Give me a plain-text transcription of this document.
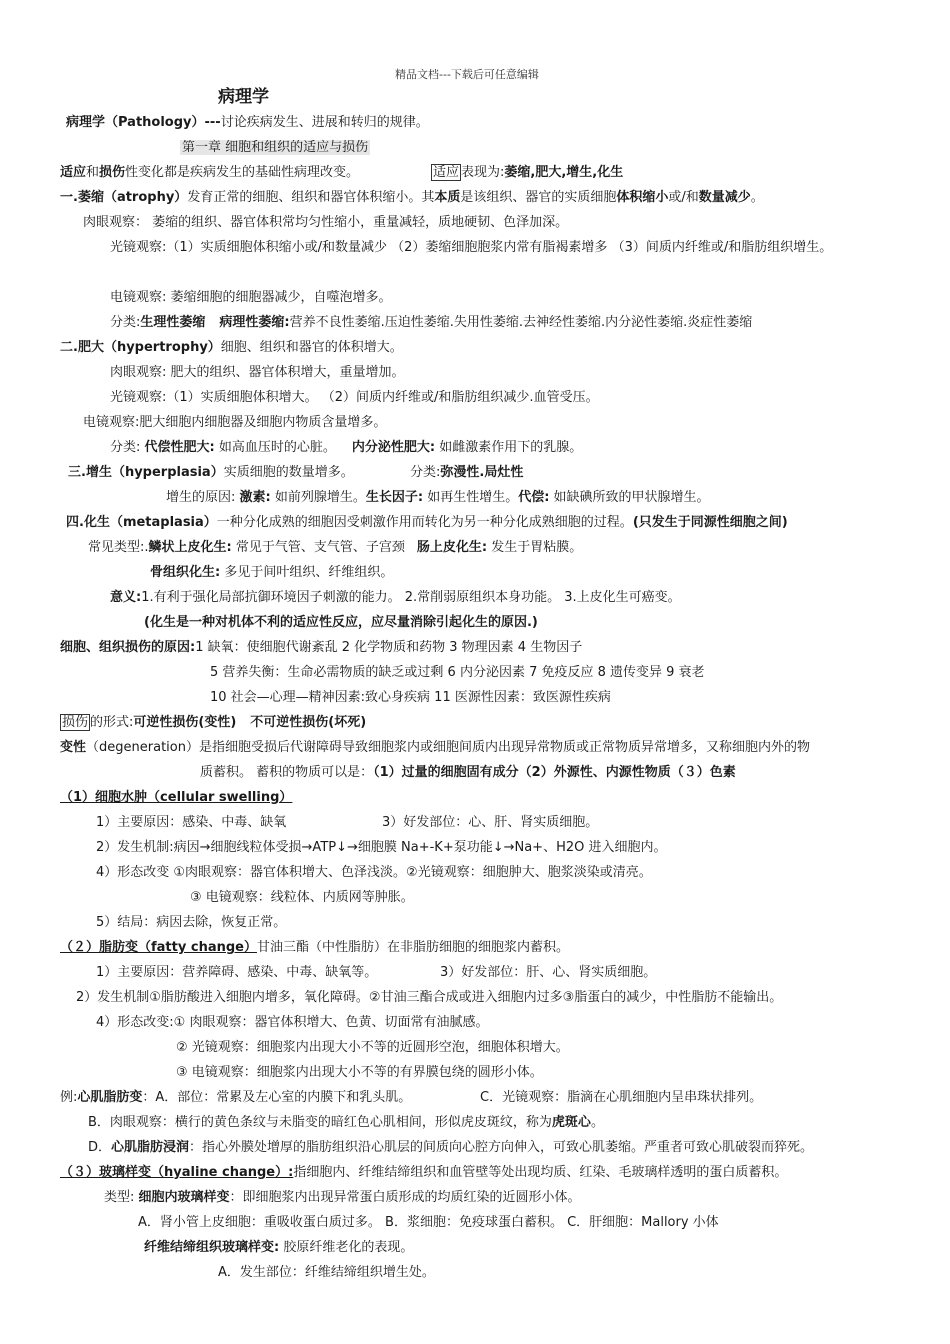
精品文档---下载后可任意编辑
病理学
病理学（Pathology）---讨论疾病发生、进展和转归的规律。
第一章 细胞和组织的适应与损伤
适应和损伤性变化都是疾病发生的基础性病理改变。	适应 表现为:萎缩,肥大,增生,化生
一.萎缩（atrophy）发育正常的细胞、组织和器官体积缩小。其本质是该组织、器官的实质细胞体积缩小或/和数量减少。
肉眼观察： 萎缩的组织、器官体积常均匀性缩小，重量减轻，质地硬韧、色泽加深。
光镜观察:（1）实质细胞体积缩小或/和数量减少 （2）萎缩细胞胞浆内常有脂褐素增多 （3）间质内纤维或/和脂肪组织增生。
电镜观察: 萎缩细胞的细胞器减少，自噬泡增多。
分类:生理性萎缩 病理性萎缩:营养不良性萎缩.压迫性萎缩.失用性萎缩.去神经性萎缩.内分泌性萎缩.炎症性萎缩
二.肥大（hypertrophy）细胞、组织和器官的体积增大。
肉眼观察: 肥大的组织、器官体积增大，重量增加。
光镜观察:（1）实质细胞体积增大。 （2）间质内纤维或/和脂肪组织减少.血管受压。
电镜观察:肥大细胞内细胞器及细胞内物质含量增多。
分类: 代偿性肥大: 如高血压时的心脏。 内分泌性肥大: 如雌激素作用下的乳腺。
三.增生（hyperplasia）实质细胞的数量增多。	分类:弥漫性.局灶性
增生的原因: 激素: 如前列腺增生。生长因子: 如再生性增生。代偿: 如缺碘所致的甲状腺增生。
四.化生（metaplasia）一种分化成熟的细胞因受刺激作用而转化为另一种分化成熟细胞的过程。(只发生于同源性细胞之间)
常见类型:.鳞状上皮化生: 常见于气管、支气管、子宫颈 肠上皮化生: 发生于胃粘膜。
骨组织化生: 多见于间叶组织、纤维组织。
意义:1.有利于强化局部抗御环境因子刺激的能力。 2.常削弱原组织本身功能。 3.上皮化生可癌变。
(化生是一种对机体不利的适应性反应，应尽量消除引起化生的原因.)
细胞、组织损伤的原因:1 缺氧：使细胞代谢紊乱 2 化学物质和药物 3 物理因素 4 生物因子
5 营养失衡：生命必需物质的缺乏或过剩 6 内分泌因素 7 免疫反应 8 遗传变异 9 衰老
10 社会—心理—精神因素:致心身疾病 11 医源性因素：致医源性疾病
损伤 的形式:可逆性损伤(变性) 不可逆性损伤(坏死)
变性（degeneration）是指细胞受损后代谢障碍导致细胞浆内或细胞间质内出现异常物质或正常物质异常增多，又称细胞内外的物
质蓄积。 蓄积的物质可以是：（1）过量的细胞固有成分（2）外源性、内源性物质（３）色素
（1）细胞水肿（cellular swelling）
1）主要原因：感染、中毒、缺氧	3）好发部位：心、肝、肾实质细胞。
2）发生机制:病因→细胞线粒体受损→ATP↓→细胞膜 Na+-K+泵功能↓→Na+、H2O 进入细胞内。
4）形态改变 ①肉眼观察：器官体积增大、色泽浅淡。②光镜观察：细胞肿大、胞浆淡染或清亮。
③ 电镜观察：线粒体、内质网等肿胀。
5）结局：病因去除，恢复正常。
（２）脂肪变（fatty change）甘油三酯（中性脂肪）在非脂肪细胞的细胞浆内蓄积。
1）主要原因：营养障碍、感染、中毒、缺氧等。	3）好发部位：肝、心、肾实质细胞。
2）发生机制①脂肪酸进入细胞内增多，氧化障碍。②甘油三酯合成或进入细胞内过多③脂蛋白的减少，中性脂肪不能输出。
4）形态改变:① 肉眼观察：器官体积增大、色黄、切面常有油腻感。
② 光镜观察：细胞浆内出现大小不等的近圆形空泡，细胞体积增大。
③ 电镜观察：细胞浆内出现大小不等的有界膜包绕的圆形小体。
例:心肌脂肪变：A．部位：常累及左心室的内膜下和乳头肌。	C．光镜观察：脂滴在心肌细胞内呈串珠状排列。
B．肉眼观察：横行的黄色条纹与未脂变的暗红色心肌相间，形似虎皮斑纹，称为虎斑心。
D．心肌脂肪浸润：指心外膜处增厚的脂肪组织沿心肌层的间质向心腔方向伸入，可致心肌萎缩。严重者可致心肌破裂而猝死。
（３）玻璃样变（hyaline change）:指细胞内、纤维结缔组织和血管壁等处出现均质、红染、毛玻璃样透明的蛋白质蓄积。
类型: 细胞内玻璃样变：即细胞浆内出现异常蛋白质形成的均质红染的近圆形小体。
A．肾小管上皮细胞：重吸收蛋白质过多。 B．浆细胞：免疫球蛋白蓄积。 C．肝细胞：Mallory 小体
纤维结缔组织玻璃样变: 胶原纤维老化的表现。
A．发生部位：纤维结缔组织增生处。
